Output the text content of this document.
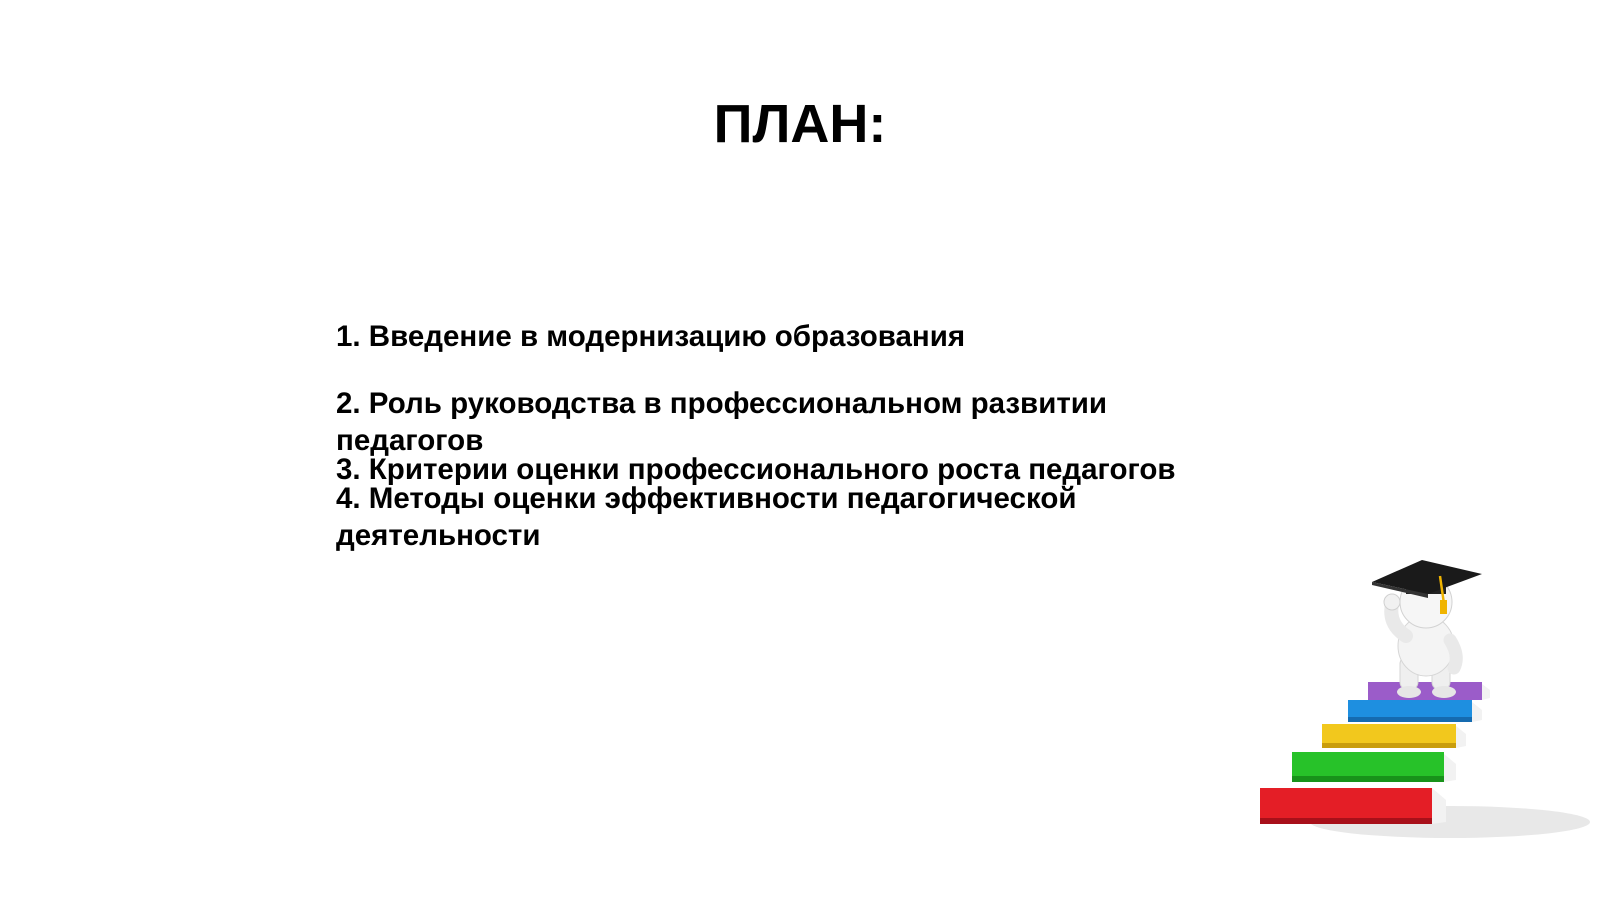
ПЛАН:
1. Введение в модернизацию образования
2. Роль руководства в профессиональном развитии педагогов
3. Критерии оценки профессионального роста педагогов
4. Методы оценки эффективности педагогической деятельности
